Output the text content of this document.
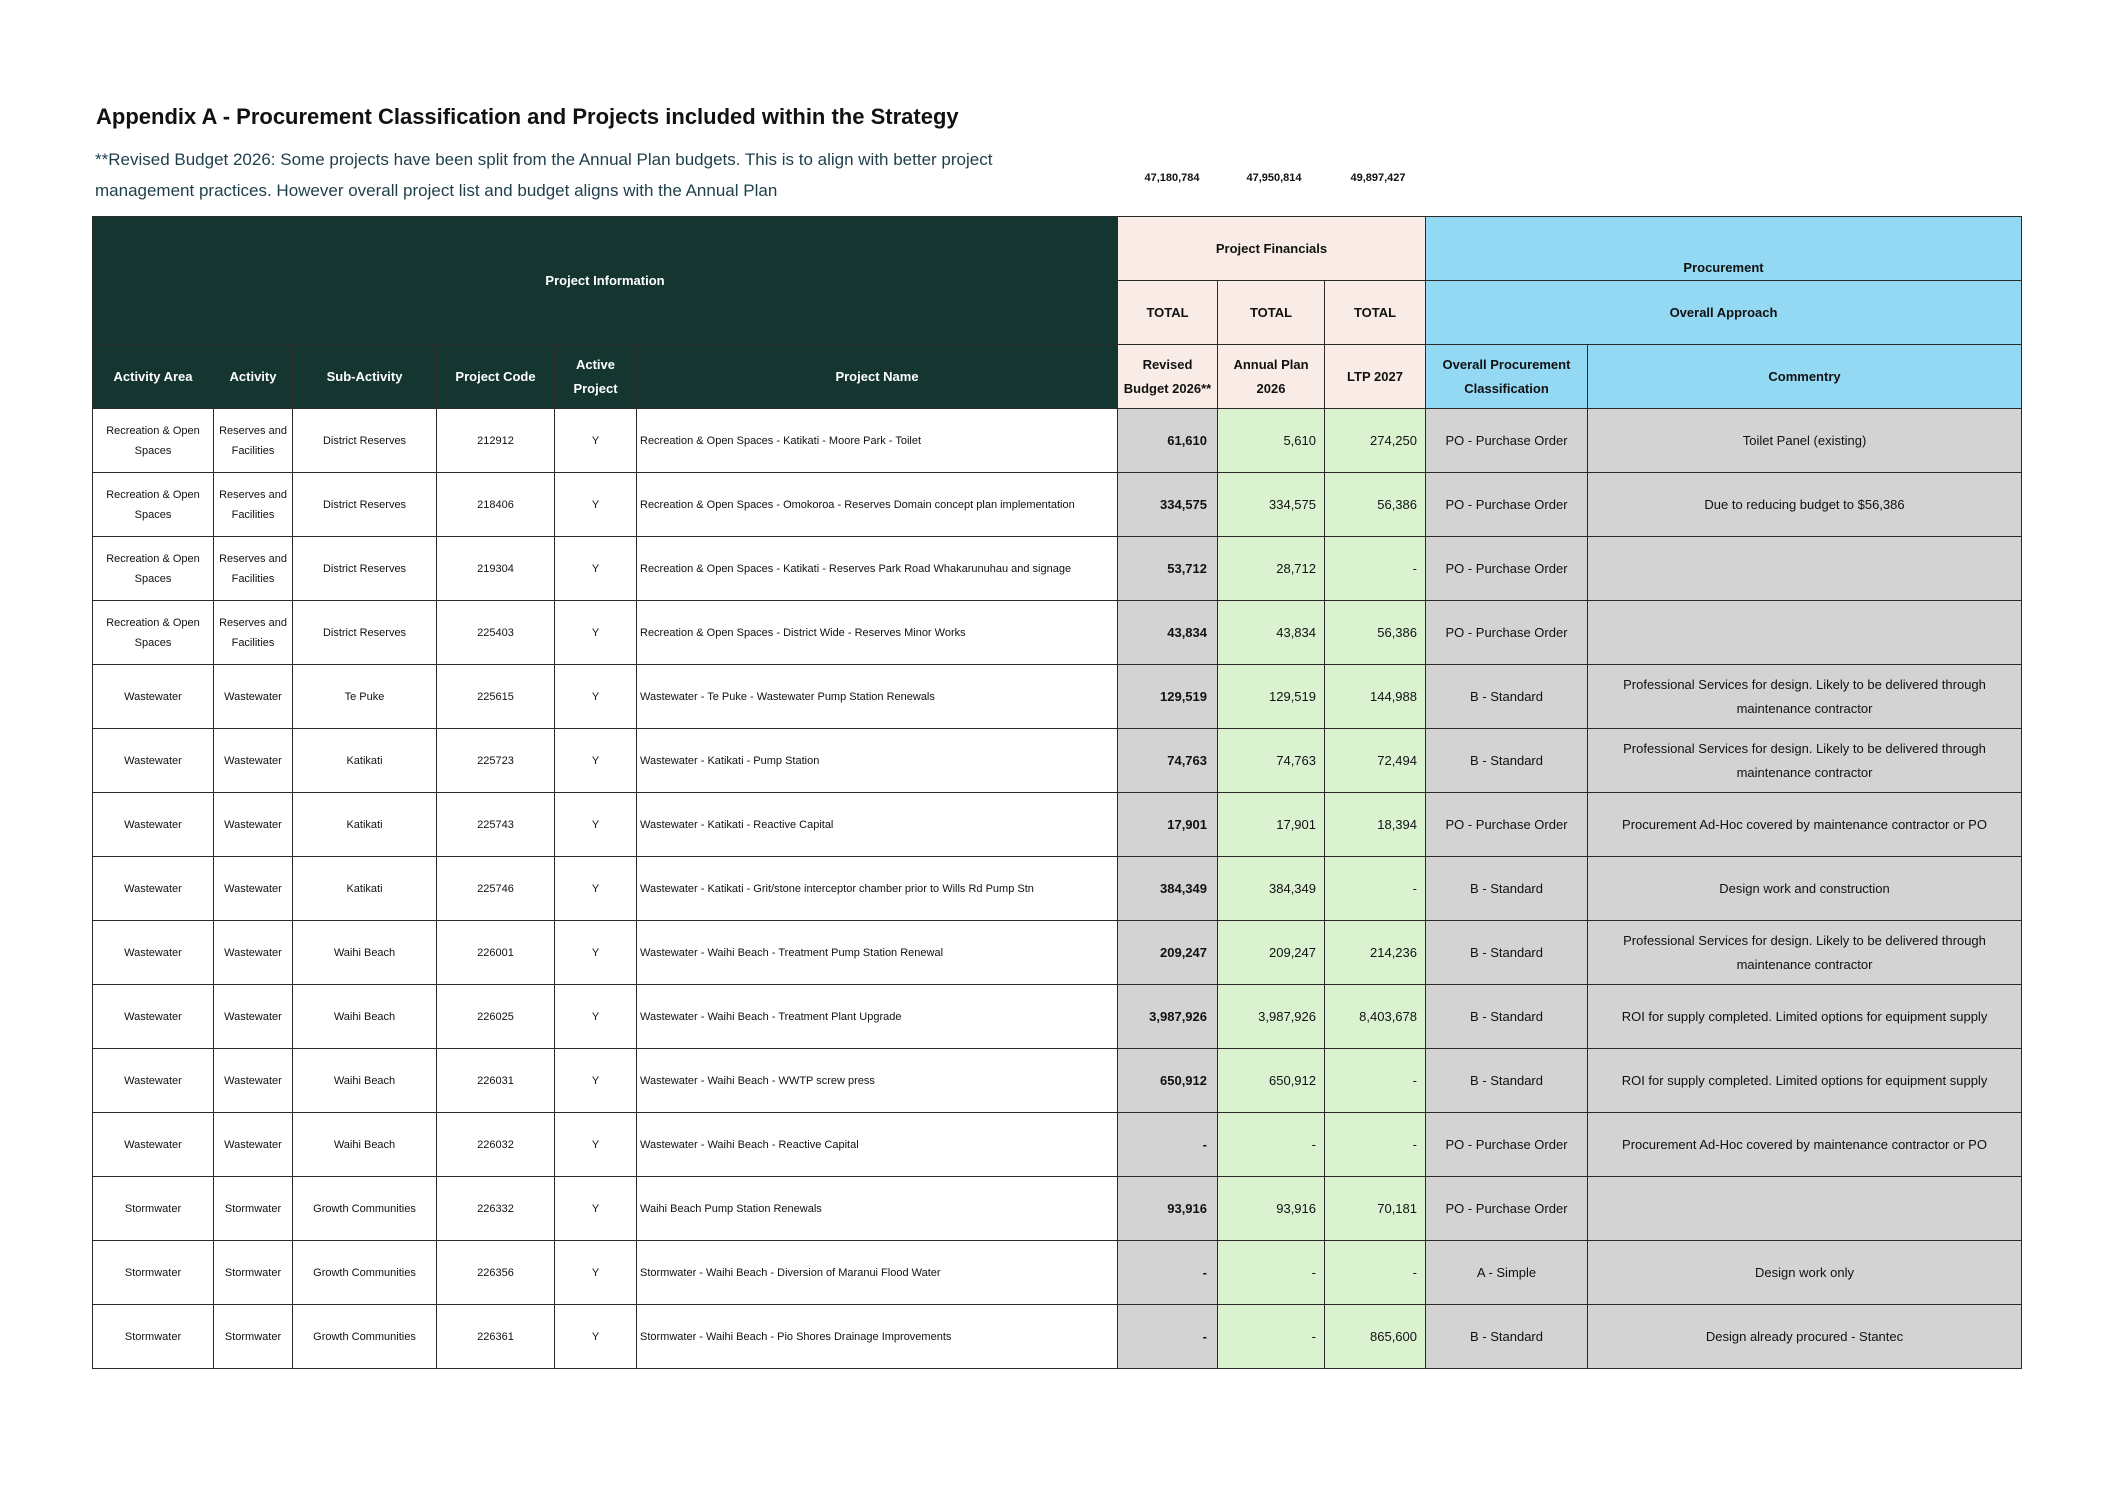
Appendix A - Procurement Classification and Projects included within the Strategy
**Revised Budget 2026: Some projects have been split from the Annual Plan budgets. This is to align with better project management practices. However overall project list and budget aligns with the Annual Plan
47,180,784	47,950,814	49,897,427
Project Information						Project Financials			Procurement	
						TOTAL	TOTAL	TOTAL	Overall Approach	
Activity Area	Activity	Sub-Activity	Project Code	Active Project	Project Name	Revised Budget 2026**	Annual Plan 2026	LTP 2027	Overall Procurement Classification	Commentry
Recreation & Open Spaces	Reserves and Facilities	District Reserves	212912	Y	Recreation & Open Spaces - Katikati - Moore Park - Toilet	61,610	5,610	274,250	PO - Purchase Order	Toilet Panel (existing)
Recreation & Open Spaces	Reserves and Facilities	District Reserves	218406	Y	Recreation & Open Spaces - Omokoroa - Reserves Domain concept plan implementation	334,575	334,575	56,386	PO - Purchase Order	Due to reducing budget to $56,386
Recreation & Open Spaces	Reserves and Facilities	District Reserves	219304	Y	Recreation & Open Spaces - Katikati - Reserves Park Road Whakarunuhau and signage	53,712	28,712	-	PO - Purchase Order	
Recreation & Open Spaces	Reserves and Facilities	District Reserves	225403	Y	Recreation & Open Spaces - District Wide - Reserves Minor Works	43,834	43,834	56,386	PO - Purchase Order	
Wastewater	Wastewater	Te Puke	225615	Y	Wastewater - Te Puke - Wastewater Pump Station Renewals	129,519	129,519	144,988	B - Standard	Professional Services for design. Likely to be delivered through maintenance contractor
Wastewater	Wastewater	Katikati	225723	Y	Wastewater - Katikati - Pump Station	74,763	74,763	72,494	B - Standard	Professional Services for design. Likely to be delivered through maintenance contractor
Wastewater	Wastewater	Katikati	225743	Y	Wastewater - Katikati - Reactive Capital	17,901	17,901	18,394	PO - Purchase Order	Procurement Ad-Hoc covered by maintenance contractor or PO
Wastewater	Wastewater	Katikati	225746	Y	Wastewater - Katikati - Grit/stone interceptor chamber prior to Wills Rd Pump Stn	384,349	384,349	-	B - Standard	Design work and construction
Wastewater	Wastewater	Waihi Beach	226001	Y	Wastewater - Waihi Beach - Treatment Pump Station Renewal	209,247	209,247	214,236	B - Standard	Professional Services for design. Likely to be delivered through maintenance contractor
Wastewater	Wastewater	Waihi Beach	226025	Y	Wastewater - Waihi Beach - Treatment Plant Upgrade	3,987,926	3,987,926	8,403,678	B - Standard	ROI for supply completed. Limited options for equipment supply
Wastewater	Wastewater	Waihi Beach	226031	Y	Wastewater - Waihi Beach - WWTP screw press	650,912	650,912	-	B - Standard	ROI for supply completed. Limited options for equipment supply
Wastewater	Wastewater	Waihi Beach	226032	Y	Wastewater - Waihi Beach - Reactive Capital	-	-	-	PO - Purchase Order	Procurement Ad-Hoc covered by maintenance contractor or PO
Stormwater	Stormwater	Growth Communities	226332	Y	Waihi Beach Pump Station Renewals	93,916	93,916	70,181	PO - Purchase Order	
Stormwater	Stormwater	Growth Communities	226356	Y	Stormwater - Waihi Beach - Diversion of Maranui Flood Water	-	-	-	A - Simple	Design work only
Stormwater	Stormwater	Growth Communities	226361	Y	Stormwater - Waihi Beach - Pio Shores Drainage Improvements	-	-	865,600	B - Standard	Design already procured - Stantec
